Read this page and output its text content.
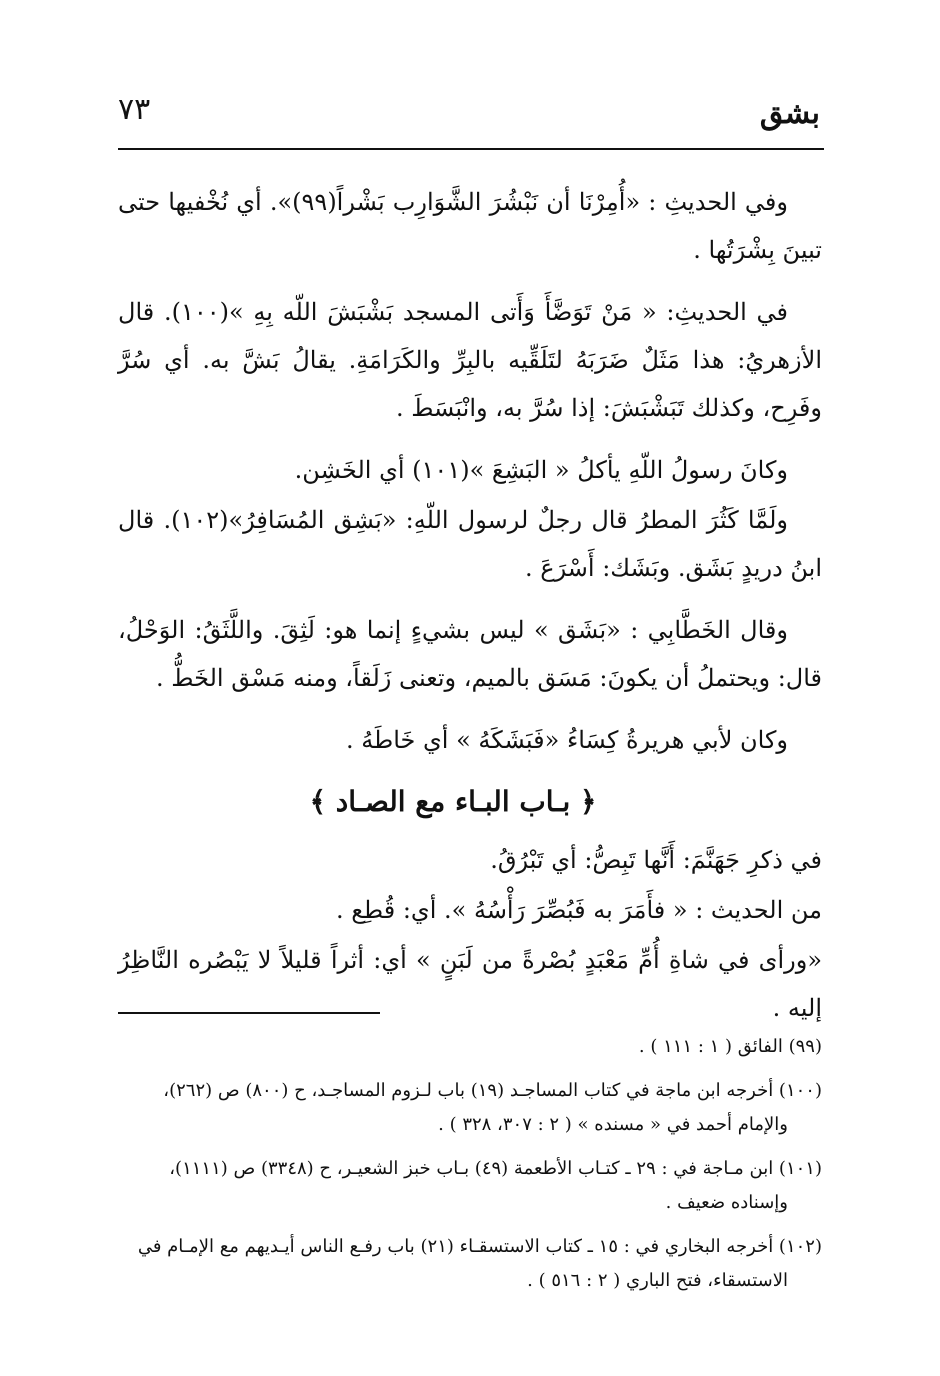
٧٣	بشق

وفي الحديثِ : «أُمِرْنَا أن نَبْشُرَ الشَّوَارِب بَشْراً(٩٩)». أي نُخْفيها حتى تبينَ بِشْرَتُها .

في الحديثِ: « مَنْ تَوَضَّأَ وَأَتى المسجد بَشْبَشَ اللّه بِهِ »(١٠٠). قال الأزهريُ: هذا مَثَلٌ ضَرَبَهُ لتَلَقِّيه بالبِرِّ والكَرَامَةِ. يقالُ بَشَّ به. أي سُرَّ وفَرِح، وكذلك تَبَشْبَشَ: إذا سُرَّ به، وانْبَسَطَ .

وكانَ رسولُ اللّهِ يأكلُ « البَشِعَ »(١٠١) أي الخَشِن.

ولَمَّا كَثُرَ المطرُ قال رجلٌ لرسول اللّهِ: «بَشِق المُسَافِرُ»(١٠٢). قال ابنُ دريدٍ بَشَق. وبَشَك: أَسْرَعَ .

وقال الخَطَّابِي : «بَشَق » ليس بشيءٍ إنما هو: لَثِقَ. واللَّثَقُ: الوَحْلُ، قال: ويحتملُ أن يكونَ: مَسَق بالميم، وتعنى زَلَقاً، ومنه مَسْق الخَطُّ .

وكان لأبي هريرةُ كِسَاءُ «فَبَشَكَهُ » أي خَاطَهُ .

﴿ بـاب البـاء مع الصـاد ﴾

في ذكرِ جَهَنَّمَ: أَنَّها تَبِصُّ: أي تَبْرُقُ.

من الحديث : « فأَمَرَ به فَبُصِّرَ رَأْسُهُ ». أي: قُطِع .

«ورأى في شاةِ أُمِّ مَعْبَدٍ بُصْرةً من لَبَنٍ » أي: أثراً قليلاً لا يَبْصُره النَّاظِرُ إليه .

(٩٩) الفائق ( ١ : ١١١ ) .
(١٠٠) أخرجه ابن ماجة في كتاب المساجـد (١٩) باب لـزوم المساجـد، ح (٨٠٠) ص (٢٦٢)،
والإمام أحمد في « مسنده » ( ٢ : ٣٠٧، ٣٢٨ ) .
(١٠١) ابن مـاجة في : ٢٩ ـ كتـاب الأطعمة (٤٩) بـاب خبز الشعيـر، ح (٣٣٤٨) ص (١١١١)،
وإسناده ضعيف .
(١٠٢) أخرجه البخاري في : ١٥ ـ كتاب الاستسقـاء (٢١) باب رفـع الناس أيـديهم مع الإمـام في
الاستسقاء، فتح الباري ( ٢ : ٥١٦ ) .
